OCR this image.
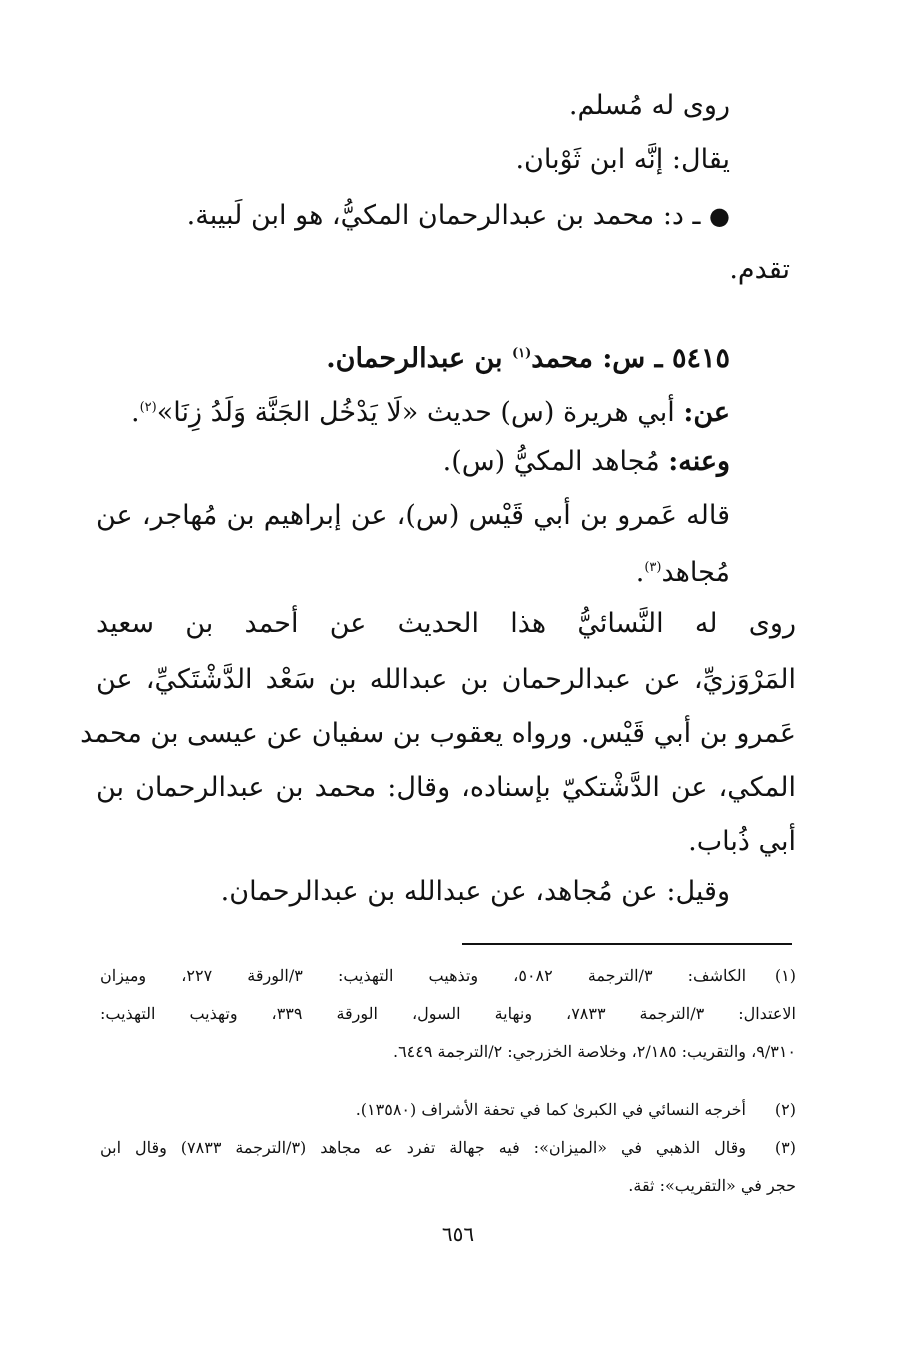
روى له مُسلم.
يقال: إنَّه ابن ثَوْبان.
● ـ د: محمد بن عبدالرحمان المكيُّ، هو ابن لَبيبة.
تقدم.
٥٤١٥ ـ س: محمد$^{(١)}$ بن عبدالرحمان.
عن: أبي هريرة (س) حديث «لَا يَدْخُل الجَنَّة وَلَدُ زِنَا»$^{(٢)}$.
وعنه: مُجاهد المكيُّ (س).
قاله عَمرو بن أبي قَيْس (س)، عن إبراهيم بن مُهاجر، عن
مُجاهد$^{(٣)}$.
روى له النَّسائيُّ هذا الحديث عن أحمد بن سعيد
المَرْوَزيِّ، عن عبدالرحمان بن عبدالله بن سَعْد الدَّشْتَكيِّ، عن
عَمرو بن أبي قَيْس. ورواه يعقوب بن سفيان عن عيسى بن محمد
المكي، عن الدَّشْتكيّ بإسناده، وقال: محمد بن عبدالرحمان بن
أبي ذُباب.
وقيل: عن مُجاهد، عن عبدالله بن عبدالرحمان.
(١)
الكاشف: ٣/الترجمة ٥٠٨٢، وتذهيب التهذيب: ٣/الورقة ٢٢٧، وميزان
الاعتدال: ٣/الترجمة ٧٨٣٣، ونهاية السول، الورقة ٣٣٩، وتهذيب التهذيب:
٩/٣١٠، والتقريب: ٢/١٨٥، وخلاصة الخزرجي: ٢/الترجمة ٦٤٤٩.
(٢)
أخرجه النسائي في الكبرىٰ كما في تحفة الأشراف (١٣٥٨٠).
(٣)
وقال الذهبي في «الميزان»: فيه جهالة تفرد عه مجاهد (٣/الترجمة ٧٨٣٣) وقال ابن
حجر في «التقريب»: ثقة.
٦٥٦
